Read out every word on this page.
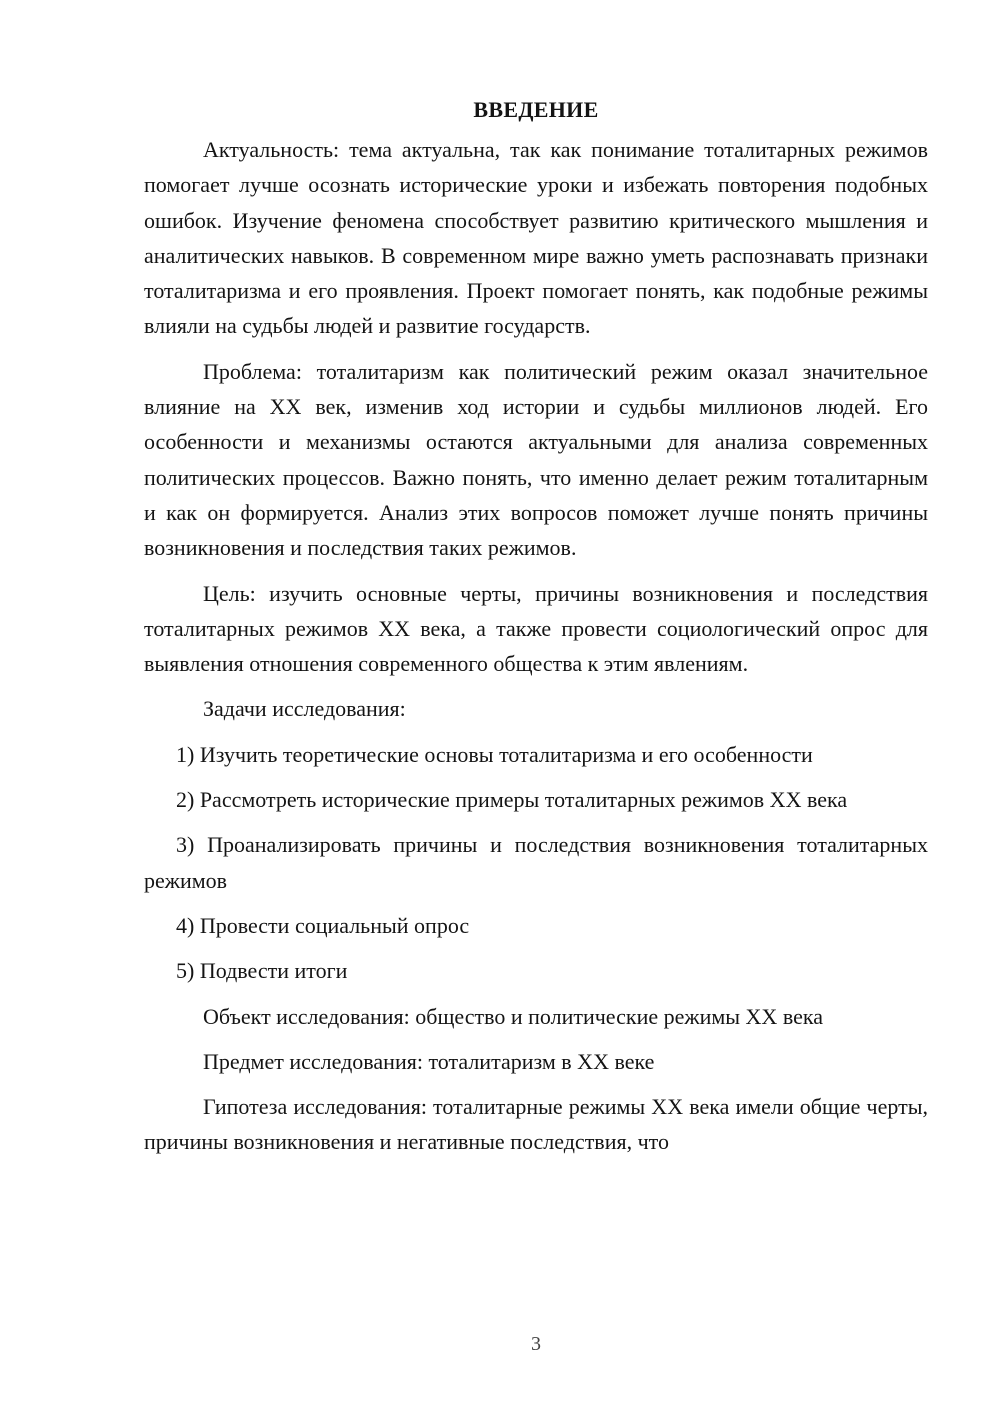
ВВЕДЕНИЕ

Актуальность: тема актуальна, так как понимание тоталитарных режимов помогает лучше осознать исторические уроки и избежать повторения подобных ошибок. Изучение феномена способствует развитию критического мышления и аналитических навыков. В современном мире важно уметь распознавать признаки тоталитаризма и его проявления. Проект помогает понять, как подобные режимы влияли на судьбы людей и развитие государств.

Проблема: тоталитаризм как политический режим оказал значительное влияние на XX век, изменив ход истории и судьбы миллионов людей. Его особенности и механизмы остаются актуальными для анализа современных политических процессов. Важно понять, что именно делает режим тоталитарным и как он формируется. Анализ этих вопросов поможет лучше понять причины возникновения и последствия таких режимов.

Цель: изучить основные черты, причины возникновения и последствия тоталитарных режимов XX века, а также провести социологический опрос для выявления отношения современного общества к этим явлениям.

Задачи исследования:

1) Изучить теоретические основы тоталитаризма и его особенности

2) Рассмотреть исторические примеры тоталитарных режимов XX века

3) Проанализировать причины и последствия возникновения тоталитарных режимов

4) Провести социальный опрос

5) Подвести итоги

Объект исследования: общество и политические режимы XX века

Предмет исследования: тоталитаризм в XX веке

Гипотеза исследования: тоталитарные режимы XX века имели общие черты, причины возникновения и негативные последствия, что

3
